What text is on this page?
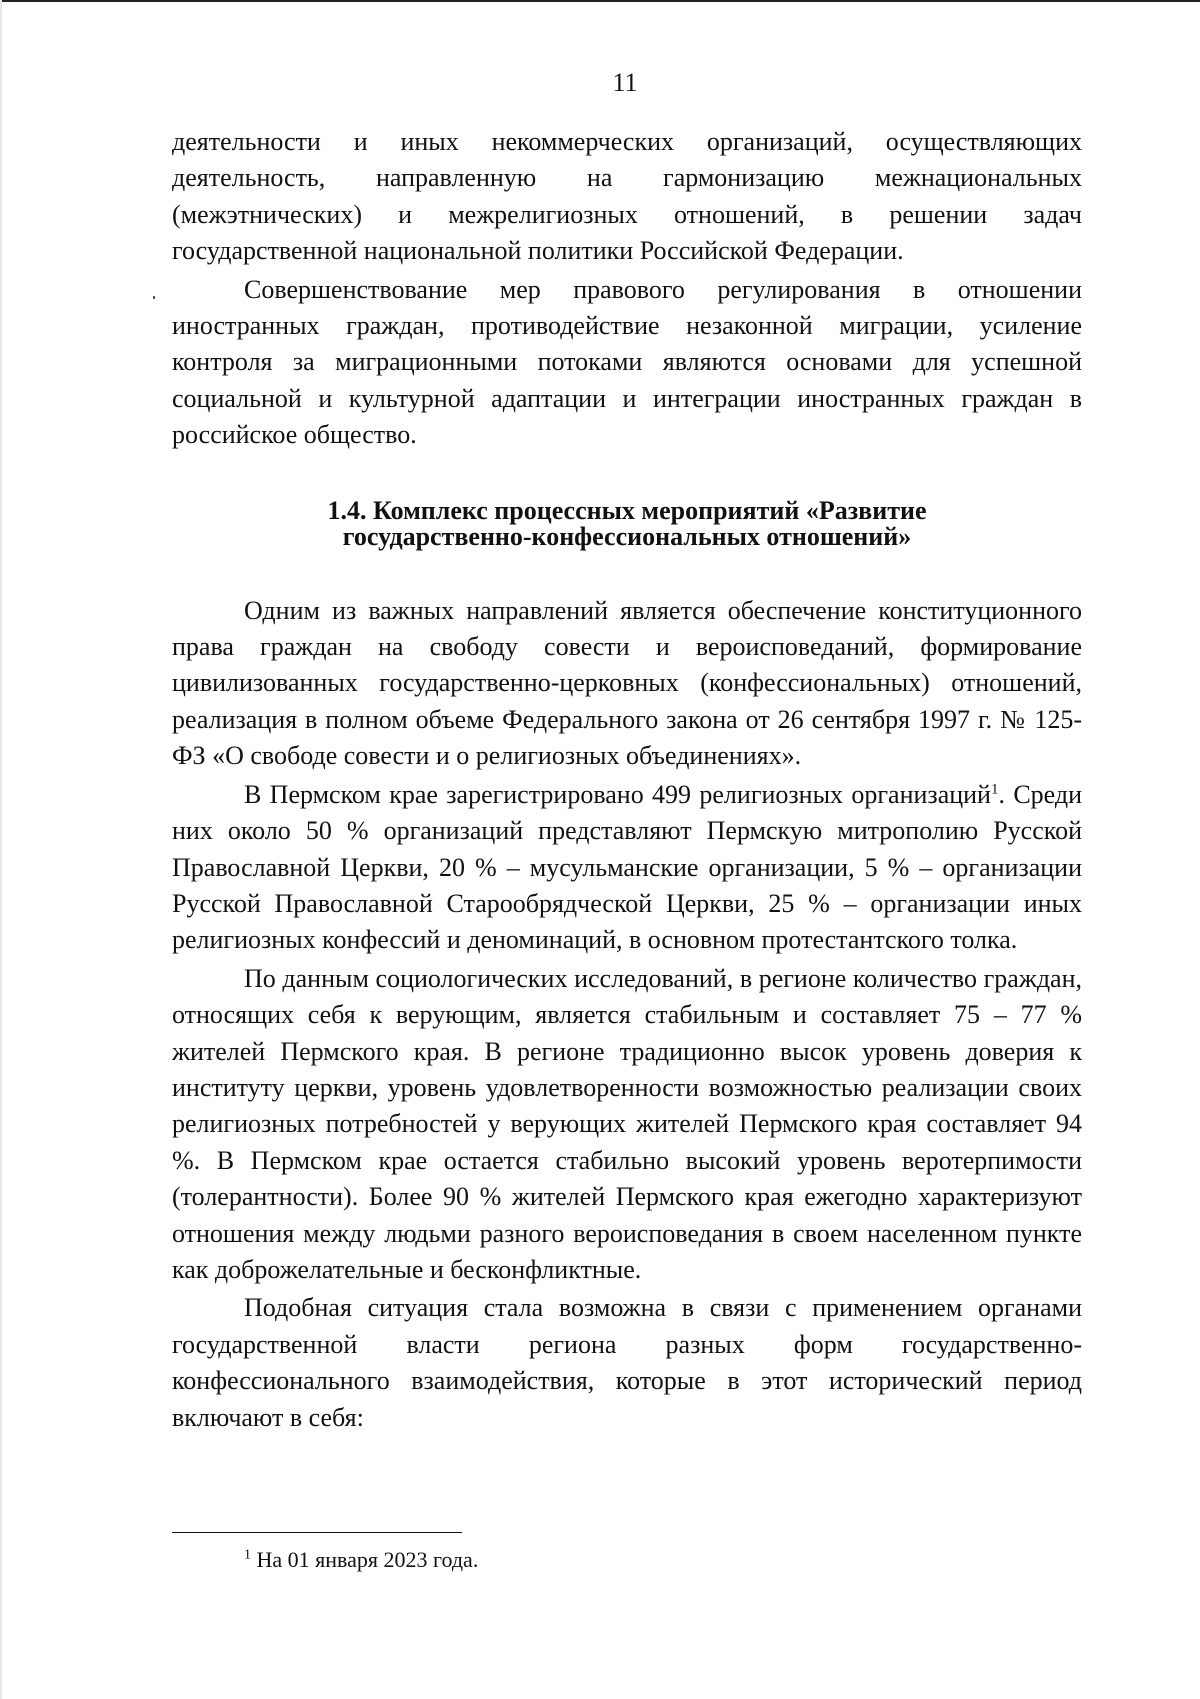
11

деятельности и иных некоммерческих организаций, осуществляющих деятельность, направленную на гармонизацию межнациональных (межэтнических) и межрелигиозных отношений, в решении задач государственной национальной политики Российской Федерации.

Совершенствование мер правового регулирования в отношении иностранных граждан, противодействие незаконной миграции, усиление контроля за миграционными потоками являются основами для успешной социальной и культурной адаптации и интеграции иностранных граждан в российское общество.

1.4. Комплекс процессных мероприятий «Развитие
государственно-конфессиональных отношений»

Одним из важных направлений является обеспечение конституционного права граждан на свободу совести и вероисповеданий, формирование цивилизованных государственно-церковных (конфессиональных) отношений, реализация в полном объеме Федерального закона от 26 сентября 1997 г. № 125-ФЗ «О свободе совести и о религиозных объединениях».

В Пермском крае зарегистрировано 499 религиозных организаций$^1$. Среди них около 50 % организаций представляют Пермскую митрополию Русской Православной Церкви, 20 % – мусульманские организации, 5 % – организации Русской Православной Старообрядческой Церкви, 25 % – организации иных религиозных конфессий и деноминаций, в основном протестантского толка.

По данным социологических исследований, в регионе количество граждан, относящих себя к верующим, является стабильным и составляет 75 – 77 % жителей Пермского края. В регионе традиционно высок уровень доверия к институту церкви, уровень удовлетворенности возможностью реализации своих религиозных потребностей у верующих жителей Пермского края составляет 94 %. В Пермском крае остается стабильно высокий уровень веротерпимости (толерантности). Более 90 % жителей Пермского края ежегодно характеризуют отношения между людьми разного вероисповедания в своем населенном пункте как доброжелательные и бесконфликтные.

Подобная ситуация стала возможна в связи с применением органами государственной власти региона разных форм государственно-конфессионального взаимодействия, которые в этот исторический период включают в себя:

$^1$ На 01 января 2023 года.
